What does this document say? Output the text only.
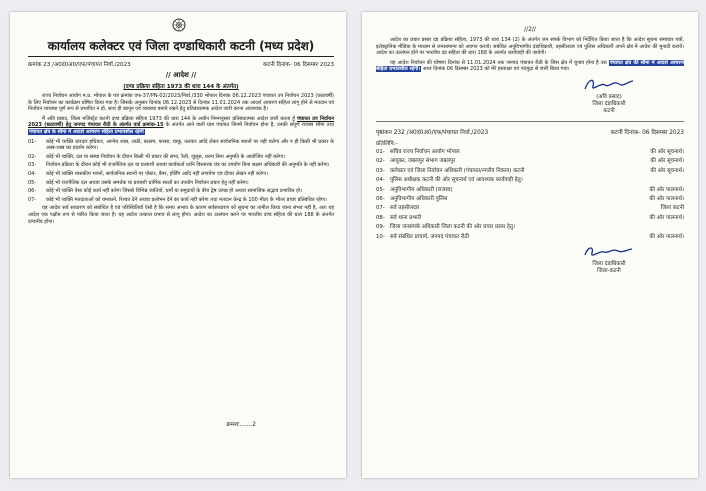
कार्यालय कलेक्टर एवं जिला दण्डाधिकारी कटनी (मध्य प्रदेश)
क्रमांक 23 /अ0दं0अ0/एफ/पंचायत निर्वा./2023	कटनी दिनांक- 06 दिसम्बर 2023
// आदेश //
(दण्ड प्रक्रिया संहिता 1973 की धारा 144 के अंतर्गत)

राज्य निर्वाचन आयोग म.प्र. भोपाल के पत्र क्रमांक एफ-37/PN-02/2023/निर्वा./330 भोपाल दिनांक 06.12.2023 पंचायत उप निर्वाचन 2023 (छ्ठावर्षी) के लिए निर्वाचन का कार्यक्रम घोषित किया गया है। जिसके अनुसार दिनांक 06.12.2023 से दिनांक 11.01.2024 तक आदर्श आचरण संहिता लागू होने से मतदान एवं निर्वाचन व्यवस्था पूर्ण रूप से प्रभावित न हो, साथ ही कानून एवं व्यवस्था बनाये रखने हेतु प्रतिबंधात्मक आदेश जारी करना आवश्यक है।

मैं अवि प्रसाद, जिला मजिस्ट्रेट कटनी दण्ड प्रक्रिया संहिता 1973 की धारा 144 के अधीन निम्नानुसार प्रतिबंधात्मक आदेश जारी करता हूँ पंचायत उप निर्वाचन 2023 (छ्ठावर्षी) हेतु जनपद पंचायत रीठी के अंतर्गत वार्ड क्रमांक-15 के अंतर्गत आने वाली ग्राम पंचायत जिनमें निर्वाचन होना है, उनकी संपूर्ण राजस्व सीमा तथा पंचायत क्षेत्र के सीमा में आदर्श आचरण संहिता प्रभावशील रहेगी

01-	कोई भी व्यक्ति धारदार हथियार, आग्नेय शस्त्र, लाठी, बल्लम, फरसा, चाकू, तलवार आदि लेकर सार्वजनिक स्थानों पर नहीं चलेगा और न ही किसी भी प्रकार के अस्त्र-शस्त्र का प्रदर्शन करेगा।
02-	कोई भी व्यक्ति, दल या संस्था निर्वाचन के दौरान किसी भी प्रकार की सभा, रैली, जुलूस, धरना बिना अनुमति के आयोजित नहीं करेगा।
03-	निर्वाचन प्रक्रिया के दौरान कोई भी राजनैतिक दल या प्रत्याशी अथवा कार्यकर्ता ध्वनि विस्तारक यंत्र का उपयोग बिना सक्षम अधिकारी की अनुमति के नहीं करेगा।
04-	कोई भी व्यक्ति शासकीय भवनों, सार्वजनिक स्थानों पर पोस्टर, बैनर, होर्डिंग आदि नहीं लगायेगा एवं दीवार लेखन नहीं करेगा।
05-	कोई भी राजनैतिक दल अथवा उसके समर्थक या प्रत्याशी धार्मिक स्थलों का उपयोग निर्वाचन प्रचार हेतु नहीं करेगा।
06-	कोई भी व्यक्ति ऐसा कोई कार्य नहीं करेगा जिससे विभिन्न जातियों, धर्मों या समुदायों के बीच द्वेष उत्पन्न हो अथवा सामाजिक सद्भाव प्रभावित हो।
07-	कोई भी व्यक्ति मतदाताओं को धमकाने, रिश्वत देने अथवा प्रलोभन देने का कार्य नहीं करेगा तथा मतदान केन्द्र के 100 मीटर के भीतर प्रचार प्रतिबंधित रहेगा।

यह आदेश सर्व साधारण को संबोधित है एवं परिस्थितियाँ ऐसी है कि समय अभाव के कारण सर्वसाधारण को सूचना का तामील किया जाना संभव नहीं है, अतः यह आदेश एक पक्षीय रूप से पारित किया जाता है। यह आदेश तत्काल प्रभाव से लागू होगा। आदेश का उल्लंघन करने पर भारतीय दण्ड संहिता की धारा 188 के अंतर्गत दण्डनीय होगा।

क्रमशः.......2
//2//

आदेश का प्रचार प्रसार दंड प्रक्रिया संहिता, 1973 की धारा 134 (2) के अंतर्गत जन संपर्क विभाग को निर्देशित किया जाता है कि आदेश सूचना समाचार पत्रों, इलेक्ट्रानिक मीडिया के माध्यम से जनसामान्य को अवगत कराये। संबंधित अनुविभागीय दंडाधिकारी, तहसीलदार एवं पुलिस अधिकारी अपने क्षेत्र में आदेश की मुनादी करायें। आदेश का उल्लंघन होने पर भारतीय दंड संहिता की धारा 188 के अंतर्गत कार्यवाही की जायेगी।

यह आदेश निर्वाचन की घोषणा दिनांक से 11.01.2024 तक जनपद पंचायत रीठी के जिस क्षेत्र में चुनाव होना है उस पंचायत क्षेत्र की सीमा में आदर्श आचरण संहिता प्रभावशील रहेगी। आज दिनांक 06 दिसम्बर 2023 को मेरे हस्ताक्षर एवं पदमुद्रा से जारी किया गया।

(अवि प्रसाद)
जिला दंडाधिकारी
कटनी
पृष्ठांकन 232 /अ0दं0अ0/एफ/पंचायत निर्वा./2023	कटनी दिनांक- 06 दिसम्बर 2023
प्रतिलिपि:-
01- सचिव राज्य निर्वाचन आयोग भोपाल	की ओर सूचनार्थ।
02- आयुक्त, जबलपुर संभाग जबलपुर	की ओर सूचनार्थ।
03- कलेक्टर एवं जिला निर्वाचन अधिकारी (पंचायत/नगरीय निकाय) कटनी	की ओर सूचनार्थ।
04- पुलिस अधीक्षक कटनी की ओर सूचनार्थ एवं आवश्यक कार्यवाही हेतु।
05- अनुविभागीय अधिकारी (राजस्व)	की ओर पालनार्थ।
06- अनुविभागीय अधिकारी पुलिस	की ओर पालनार्थ।
07- सर्व तहसीलदार	जिला कटनी
08- सर्व थाना प्रभारी	की ओर पालनार्थ।
09- जिला जनसंपर्क अधिकारी जिला कटनी की ओर प्रचार प्रसार हेतु।
10- सर्व संबंधित प्राचार्य, जनपद पंचायत रीठी	की ओर पालनार्थ।
जिला दंडाधिकारी
जिला-कटनी
